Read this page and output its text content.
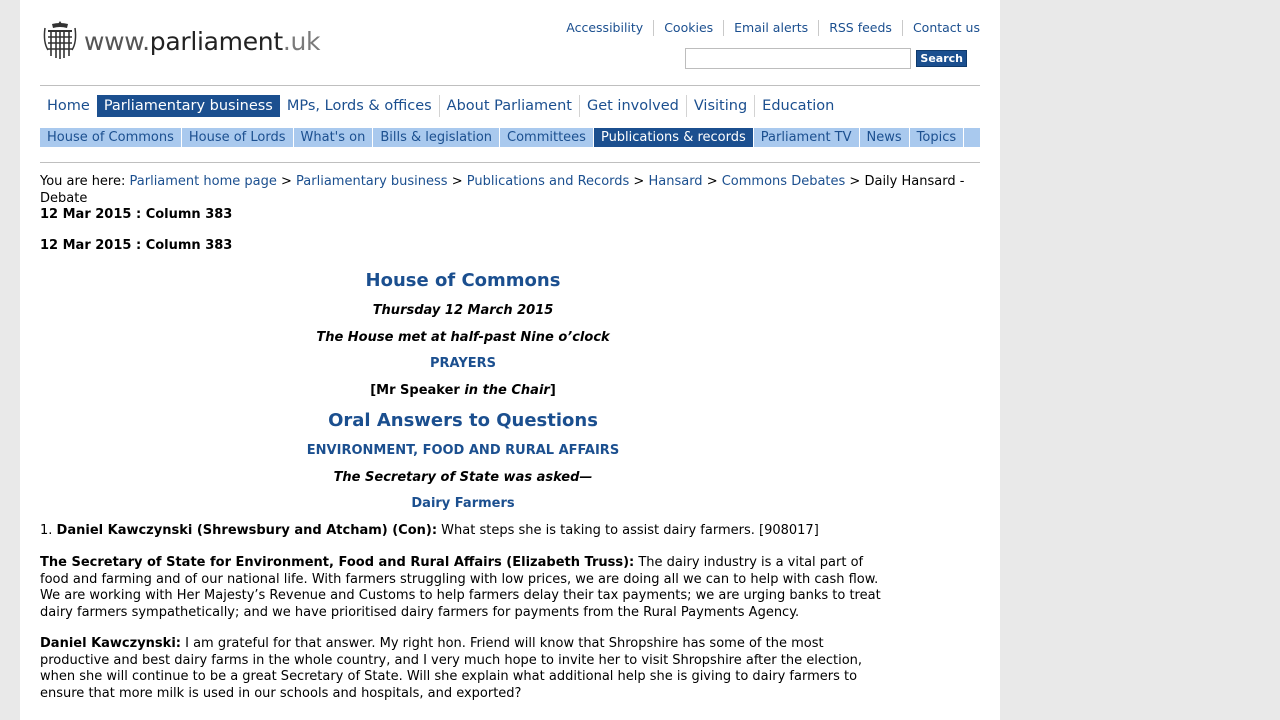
www.parliament.uk	Accessibility	Cookies	Email alerts	RSS feeds	Contact us
Search
Home Parliamentary business MPs, Lords & offices	About Parliament	Get involved	Visiting	Education
House of Commons	House of Lords	What's on	Bills & legislation	Committees	Publications & records	Parliament TV	News	Topics
You are here: Parliament home page > Parliamentary business > Publications and Records > Hansard > Commons Debates > Daily Hansard - Debate
12 Mar 2015 : Column 383
12 Mar 2015 : Column 383
House of Commons
Thursday 12 March 2015
The House met at half-past Nine o’clock
PRAYERS
[Mr Speaker in the Chair]
Oral Answers to Questions
ENVIRONMENT, FOOD AND RURAL AFFAIRS
The Secretary of State was asked—
Dairy Farmers
1. Daniel Kawczynski (Shrewsbury and Atcham) (Con): What steps she is taking to assist dairy farmers. [908017]
The Secretary of State for Environment, Food and Rural Affairs (Elizabeth Truss): The dairy industry is a vital part of food and farming and of our national life. With farmers struggling with low prices, we are doing all we can to help with cash flow. We are working with Her Majesty’s Revenue and Customs to help farmers delay their tax payments; we are urging banks to treat dairy farmers sympathetically; and we have prioritised dairy farmers for payments from the Rural Payments Agency.
Daniel Kawczynski: I am grateful for that answer. My right hon. Friend will know that Shropshire has some of the most productive and best dairy farms in the whole country, and I very much hope to invite her to visit Shropshire after the election, when she will continue to be a great Secretary of State. Will she explain what additional help she is giving to dairy farmers to ensure that more milk is used in our schools and hospitals, and exported?
